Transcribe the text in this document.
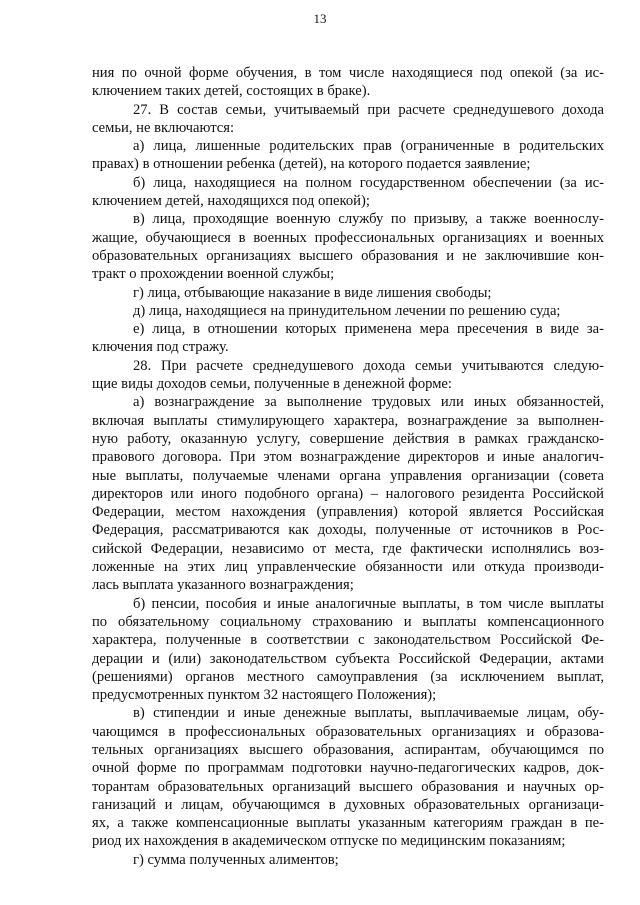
13
ния по очной форме обучения, в том числе находящиеся под опекой (за ис-
ключением таких детей, состоящих в браке).
27. В состав семьи, учитываемый при расчете среднедушевого дохода
семьи, не включаются:
а) лица, лишенные родительских прав (ограниченные в родительских
правах) в отношении ребенка (детей), на которого подается заявление;
б) лица, находящиеся на полном государственном обеспечении (за ис-
ключением детей, находящихся под опекой);
в) лица, проходящие военную службу по призыву, а также военнослу-
жащие, обучающиеся в военных профессиональных организациях и военных
образовательных организациях высшего образования и не заключившие кон-
тракт о прохождении военной службы;
г) лица, отбывающие наказание в виде лишения свободы;
д) лица, находящиеся на принудительном лечении по решению суда;
е) лица, в отношении которых применена мера пресечения в виде за-
ключения под стражу.
28. При расчете среднедушевого дохода семьи учитываются следую-
щие виды доходов семьи, полученные в денежной форме:
а) вознаграждение за выполнение трудовых или иных обязанностей,
включая выплаты стимулирующего характера, вознаграждение за выполнен-
ную работу, оказанную услугу, совершение действия в рамках гражданско-
правового договора. При этом вознаграждение директоров и иные аналогич-
ные выплаты, получаемые членами органа управления организации (совета
директоров или иного подобного органа) – налогового резидента Российской
Федерации, местом нахождения (управления) которой является Российская
Федерация, рассматриваются как доходы, полученные от источников в Рос-
сийской Федерации, независимо от места, где фактически исполнялись воз-
ложенные на этих лиц управленческие обязанности или откуда производи-
лась выплата указанного вознаграждения;
б) пенсии, пособия и иные аналогичные выплаты, в том числе выплаты
по обязательному социальному страхованию и выплаты компенсационного
характера, полученные в соответствии с законодательством Российской Фе-
дерации и (или) законодательством субъекта Российской Федерации, актами
(решениями) органов местного самоуправления (за исключением выплат,
предусмотренных пунктом 32 настоящего Положения);
в) стипендии и иные денежные выплаты, выплачиваемые лицам, обу-
чающимся в профессиональных образовательных организациях и образова-
тельных организациях высшего образования, аспирантам, обучающимся по
очной форме по программам подготовки научно-педагогических кадров, док-
торантам образовательных организаций высшего образования и научных ор-
ганизаций и лицам, обучающимся в духовных образовательных организаци-
ях, а также компенсационные выплаты указанным категориям граждан в пе-
риод их нахождения в академическом отпуске по медицинским показаниям;
г) сумма полученных алиментов;
